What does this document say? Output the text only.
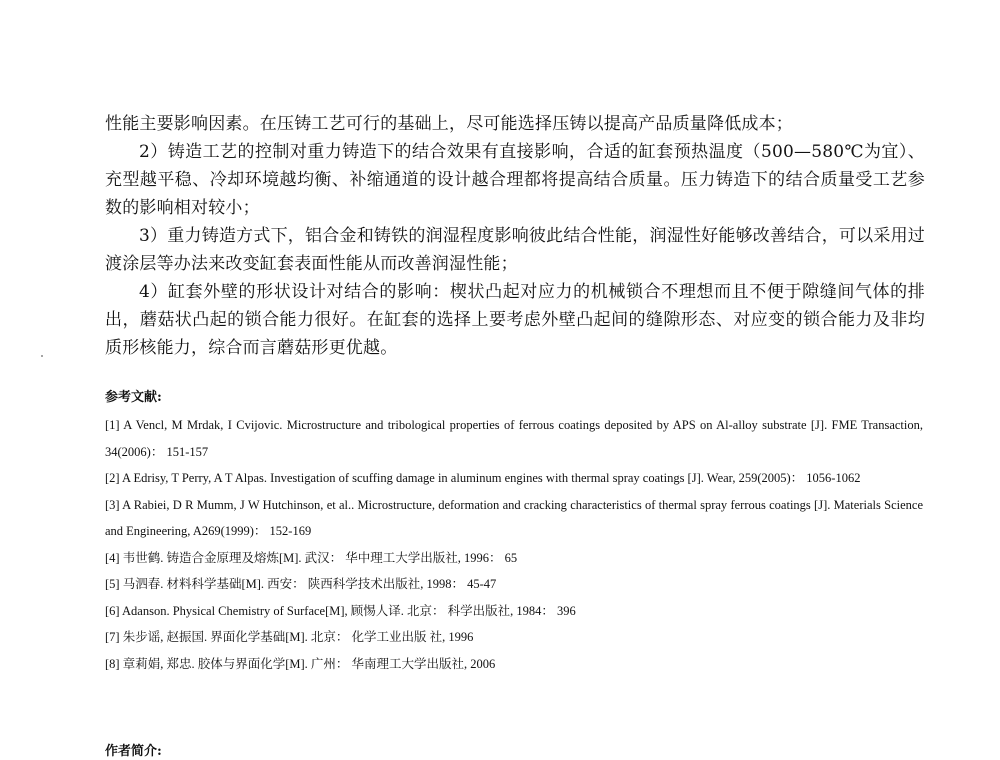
性能主要影响因素。在压铸工艺可行的基础上，尽可能选择压铸以提高产品质量降低成本；

2）铸造工艺的控制对重力铸造下的结合效果有直接影响，合适的缸套预热温度（500—580℃为宜）、充型越平稳、冷却环境越均衡、补缩通道的设计越合理都将提高结合质量。压力铸造下的结合质量受工艺参数的影响相对较小；

3）重力铸造方式下，铝合金和铸铁的润湿程度影响彼此结合性能，润湿性好能够改善结合，可以采用过渡涂层等办法来改变缸套表面性能从而改善润湿性能；

4）缸套外壁的形状设计对结合的影响：楔状凸起对应力的机械锁合不理想而且不便于隙缝间气体的排出，蘑菇状凸起的锁合能力很好。在缸套的选择上要考虑外壁凸起间的缝隙形态、对应变的锁合能力及非均质形核能力，综合而言蘑菇形更优越。

参考文献:

[1] A Vencl, M Mrdak, I Cvijovic. Microstructure and tribological properties of ferrous coatings deposited by APS on Al-alloy substrate [J]. FME Transaction, 34(2006)： 151-157

[2] A Edrisy, T Perry, A T Alpas. Investigation of scuffing damage in aluminum engines with thermal spray coatings [J]. Wear, 259(2005)： 1056-1062

[3] A Rabiei, D R Mumm, J W Hutchinson, et al.. Microstructure, deformation and cracking characteristics of thermal spray ferrous coatings [J]. Materials Science and Engineering, A269(1999)： 152-169

[4] 韦世鹤. 铸造合金原理及熔炼[M]. 武汉： 华中理工大学出版社, 1996： 65

[5] 马泗春. 材料科学基础[M]. 西安： 陕西科学技术出版社, 1998： 45-47

[6] Adanson. Physical Chemistry of Surface[M], 顾惕人译. 北京： 科学出版社, 1984： 396

[7] 朱步谣, 赵振国. 界面化学基础[M]. 北京： 化学工业出版 社, 1996

[8] 章莉娟, 郑忠. 胶体与界面化学[M]. 广州： 华南理工大学出版社, 2006

作者简介:
